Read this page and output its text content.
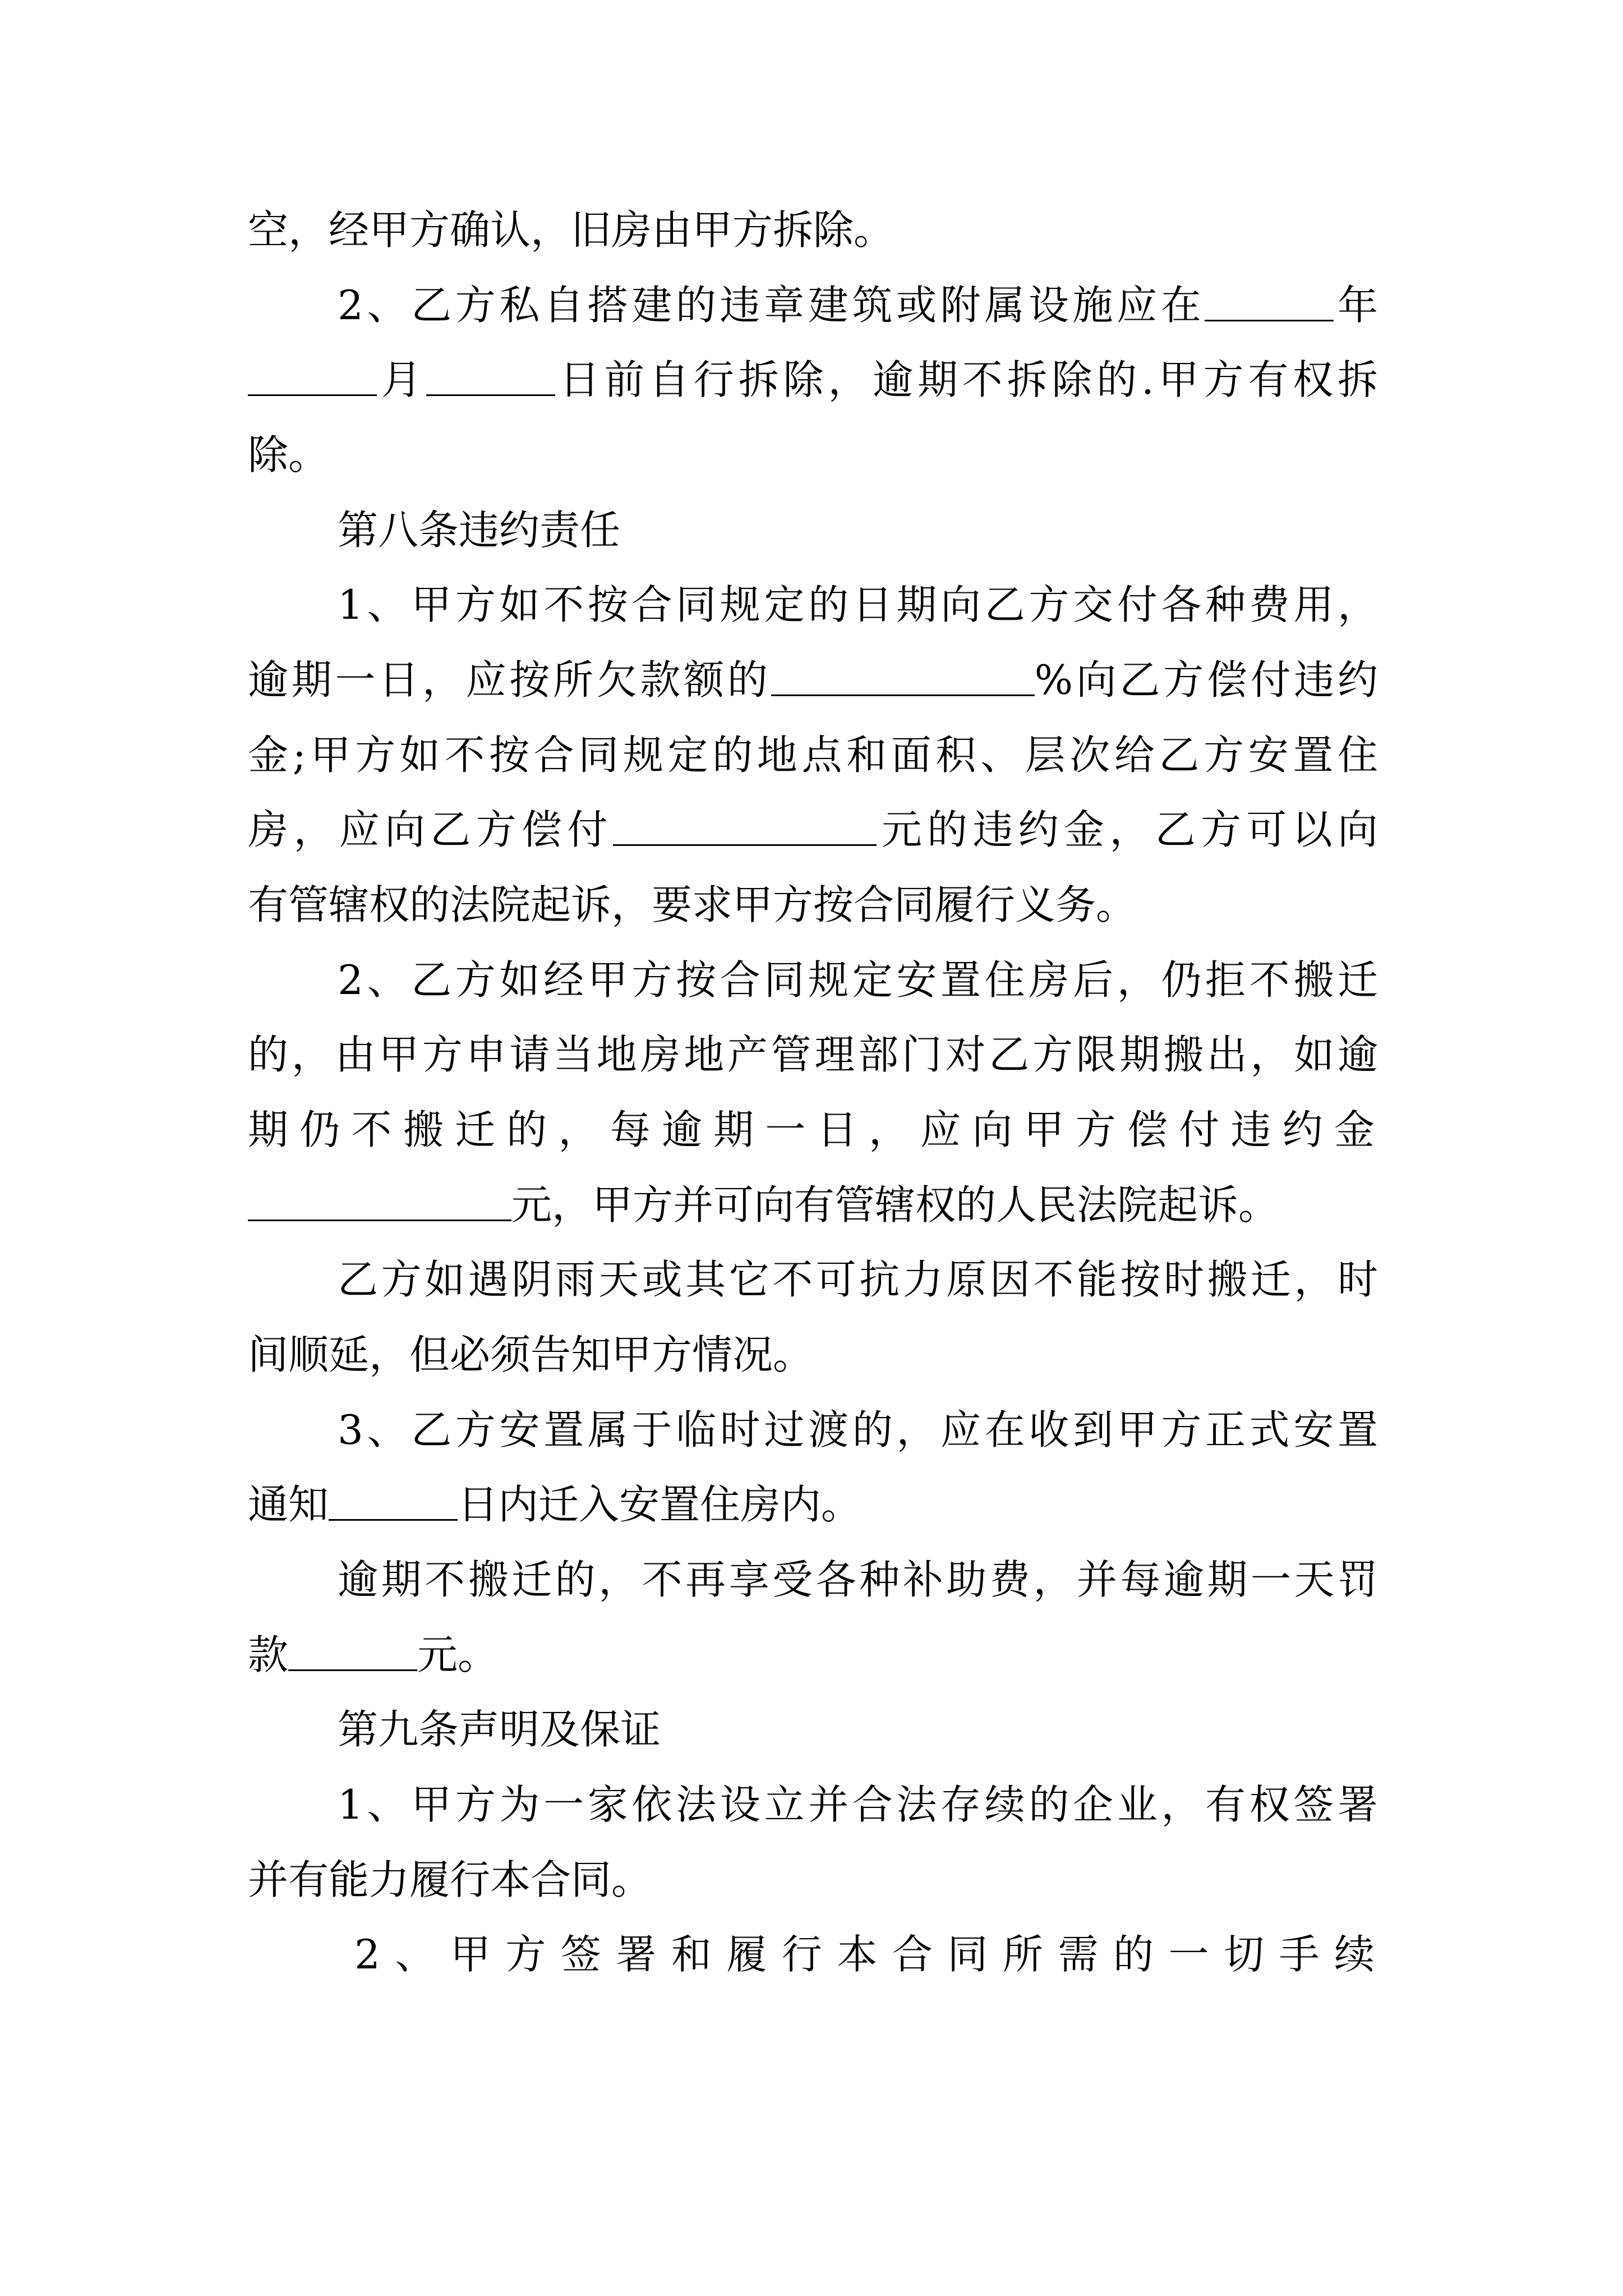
空，经甲方确认，旧房由甲方拆除。
2、乙方私自搭建的违章建筑或附属设施应在	年
月	日前自行拆除，逾期不拆除的.甲方有权拆
除。
第八条违约责任
1、甲方如不按合同规定的日期向乙方交付各种费用，
逾期一日，应按所欠款额的	%向乙方偿付违约
金;甲方如不按合同规定的地点和面积、层次给乙方安置住
房，应向乙方偿付	元的违约金，乙方可以向
有管辖权的法院起诉，要求甲方按合同履行义务。
2、乙方如经甲方按合同规定安置住房后，仍拒不搬迁
的，由甲方申请当地房地产管理部门对乙方限期搬出，如逾
期仍不搬迁的，每逾期一日，应向甲方偿付违约金
元，甲方并可向有管辖权的人民法院起诉。
乙方如遇阴雨天或其它不可抗力原因不能按时搬迁，时
间顺延，但必须告知甲方情况。
3、乙方安置属于临时过渡的，应在收到甲方正式安置
通知	日内迁入安置住房内。
逾期不搬迁的，不再享受各种补助费，并每逾期一天罚
款	元。
第九条声明及保证
1、甲方为一家依法设立并合法存续的企业，有权签署
并有能力履行本合同。
2、甲方签署和履行本合同所需的一切手续
